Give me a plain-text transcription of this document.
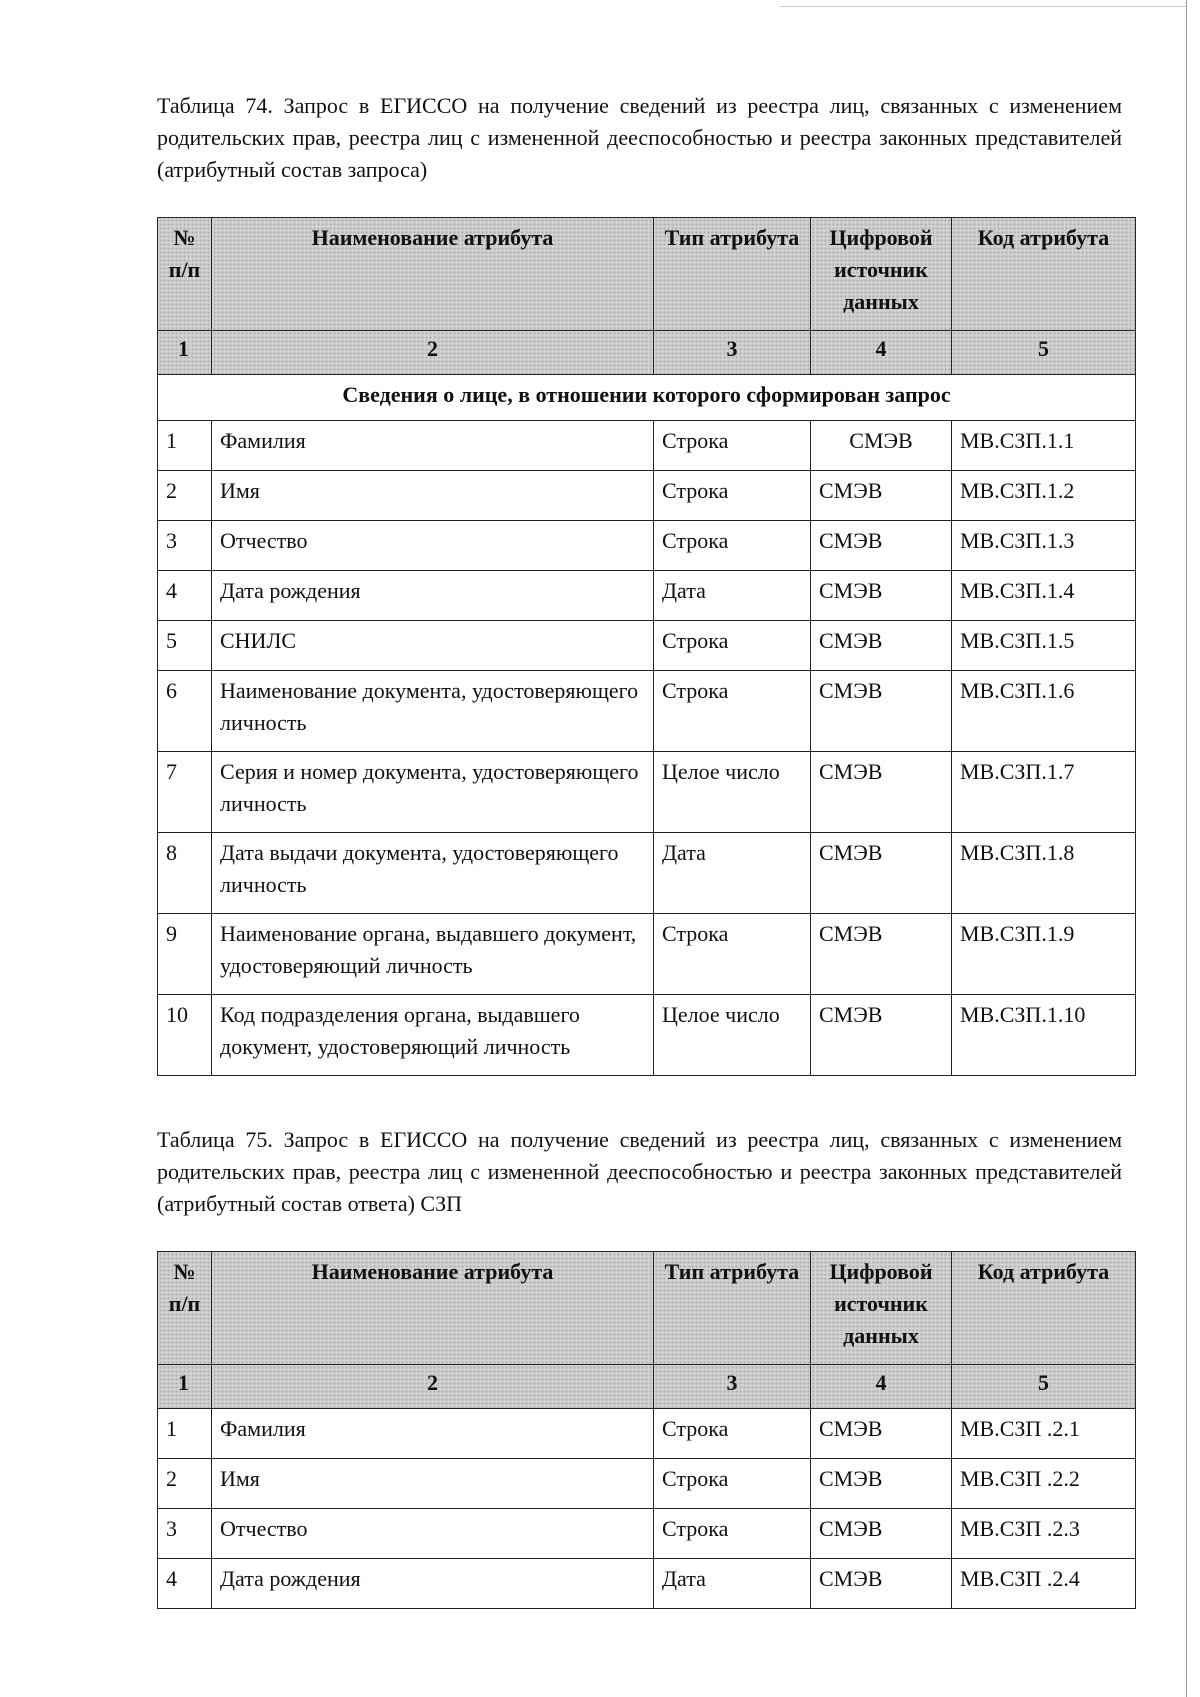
Таблица 74. Запрос в ЕГИССО на получение сведений из реестра лиц, связанных с изменением родительских прав, реестра лиц с измененной дееспособностью и реестра законных представителей (атрибутный состав запроса)
№ п/п	Наименование атрибута	Тип атрибута	Цифровой источник данных	Код атрибута
1	2	3	4	5
Сведения о лице, в отношении которого сформирован запрос				
1	Фамилия	Строка	СМЭВ	МВ.СЗП.1.1
2	Имя	Строка	СМЭВ	МВ.СЗП.1.2
3	Отчество	Строка	СМЭВ	МВ.СЗП.1.3
4	Дата рождения	Дата	СМЭВ	МВ.СЗП.1.4
5	СНИЛС	Строка	СМЭВ	МВ.СЗП.1.5
6	Наименование документа, удостоверяющего личность	Строка	СМЭВ	МВ.СЗП.1.6
7	Серия и номер документа, удостоверяющего личность	Целое число	СМЭВ	МВ.СЗП.1.7
8	Дата выдачи документа, удостоверяющего личность	Дата	СМЭВ	МВ.СЗП.1.8
9	Наименование органа, выдавшего документ, удостоверяющий личность	Строка	СМЭВ	МВ.СЗП.1.9
10	Код подразделения органа, выдавшего документ, удостоверяющий личность	Целое число	СМЭВ	МВ.СЗП.1.10
Таблица 75. Запрос в ЕГИССО на получение сведений из реестра лиц, связанных с изменением родительских прав, реестра лиц с измененной дееспособностью и реестра законных представителей (атрибутный состав ответа) СЗП
№ п/п	Наименование атрибута	Тип атрибута	Цифровой источник данных	Код атрибута
1	2	3	4	5
1	Фамилия	Строка	СМЭВ	МВ.СЗП .2.1
2	Имя	Строка	СМЭВ	МВ.СЗП .2.2
3	Отчество	Строка	СМЭВ	МВ.СЗП .2.3
4	Дата рождения	Дата	СМЭВ	МВ.СЗП .2.4
